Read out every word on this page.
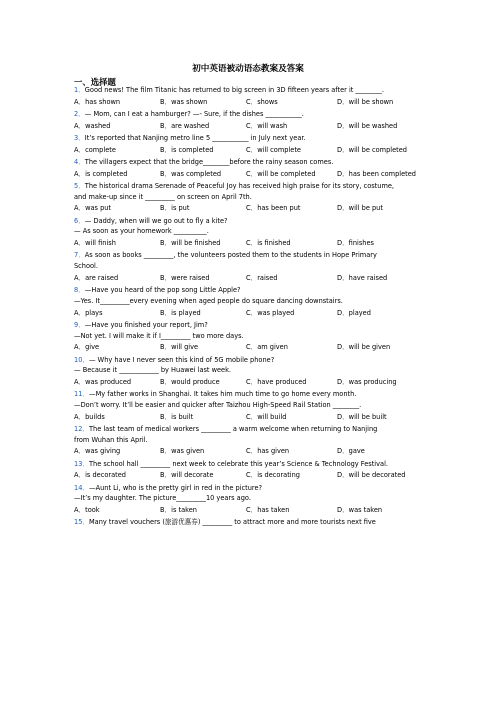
初中英语被动语态教案及答案
一、选择题
1．Good news! The film Titanic has returned to big screen in 3D fifteen years after it ________.
A．has shown	B．was shown	C．shows	D．will be shown
2．— Mom, can I eat a hamburger? —- Sure, if the dishes ___________.
A．washed	B．are washed	C．will wash	D．will be washed
3．It’s reported that Nanjing metro line 5 ___________ in July next year.
A．complete	B．is completed	C．will complete	D．will be completed
4．The villagers expect that the bridge________before the rainy season comes.
A．is completed	B．was completed	C．will be completed	D．has been completed
5．The historical drama Serenade of Peaceful Joy has received high praise for its story, costume,
and make-up since it _________ on screen on April 7th.
A．was put	B．is put	C．has been put	D．will be put
6．— Daddy, when will we go out to fly a kite?
— As soon as your homework __________.
A．will finish	B．will be finished	C．is finished	D．finishes
7．As soon as books _________, the volunteers posted them to the students in Hope Primary
School.
A．are raised	B．were raised	C．raised	D．have raised
8．—Have you heard of the pop song Little Apple?
—Yes. It_________every evening when aged people do square dancing downstairs.
A．plays	B．is played	C．was played	D．played
9．—Have you finished your report, Jim?
—Not yet. I will make it if I_________ two more days.
A．give	B．will give	C．am given	D．will be given
10．— Why have I never seen this kind of 5G mobile phone?
— Because it ____________ by Huawei last week.
A．was produced	B．would produce	C．have produced	D．was producing
11．—My father works in Shanghai. It takes him much time to go home every month.
—Don’t worry. It’ll be easier and quicker after Taizhou High-Speed Rail Station ________.
A．builds	B．is built	C．will build	D．will be built
12．The last team of medical workers _________ a warm welcome when returning to Nanjing
from Wuhan this April.
A．was giving	B．was given	C．has given	D．gave
13．The school hall _________ next week to celebrate this year’s Science & Technology Festival.
A．is decorated	B．will decorate	C．is decorating	D．will be decorated
14．—Aunt Li, who is the pretty girl in red in the picture?
—It’s my daughter. The picture_________10 years ago.
A．took	B．is taken	C．has taken	D．was taken
15．Many travel vouchers (旅游优惠券) _________ to attract more and more tourists next five
